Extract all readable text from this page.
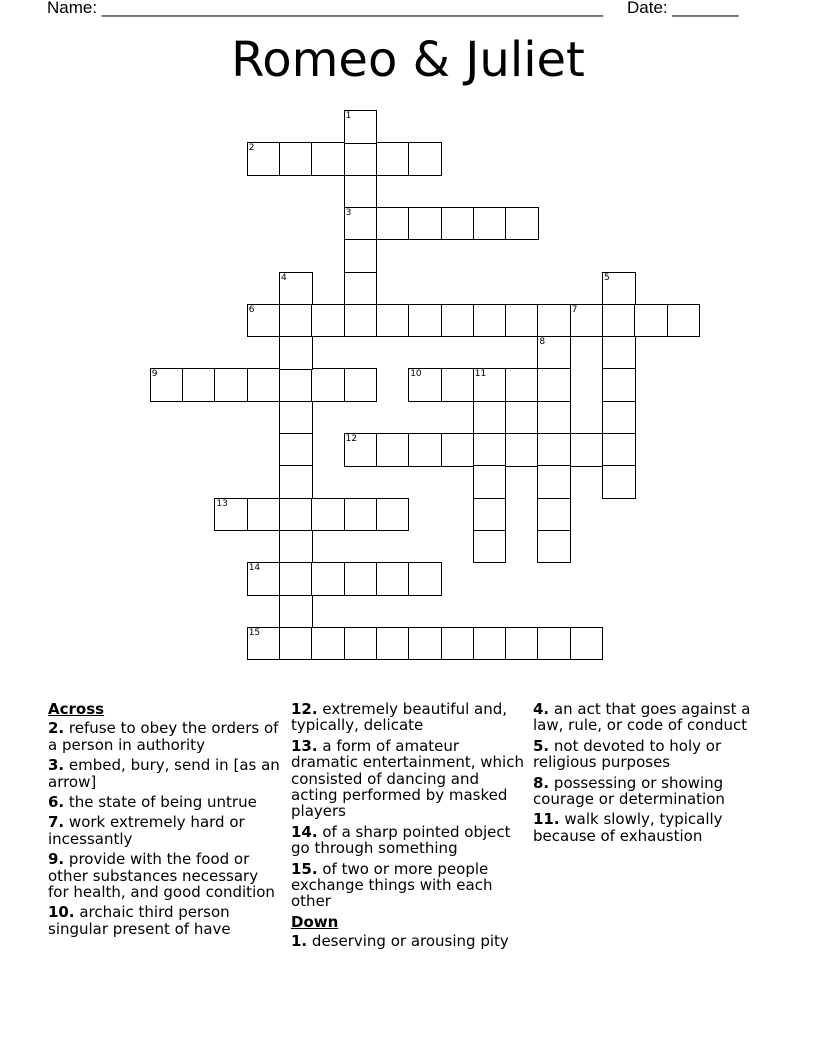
Name: _____________________________________________________ Date: _______
Romeo & Juliet
2
3
6	7
9	10	11
12
13
14
15
1
4	5
8
Across
2. refuse to obey the orders of a person in authority
3. embed, bury, send in [as an arrow]
6. the state of being untrue
7. work extremely hard or incessantly
9. provide with the food or other substances necessary for health, and good condition
10. archaic third person singular present of have
12. extremely beautiful and, typically, delicate
13. a form of amateur dramatic entertainment, which consisted of dancing and acting performed by masked players
14. of a sharp pointed object go through something
15. of two or more people exchange things with each other
Down
1. deserving or arousing pity
4. an act that goes against a law, rule, or code of conduct
5. not devoted to holy or religious purposes
8. possessing or showing courage or determination
11. walk slowly, typically because of exhaustion
